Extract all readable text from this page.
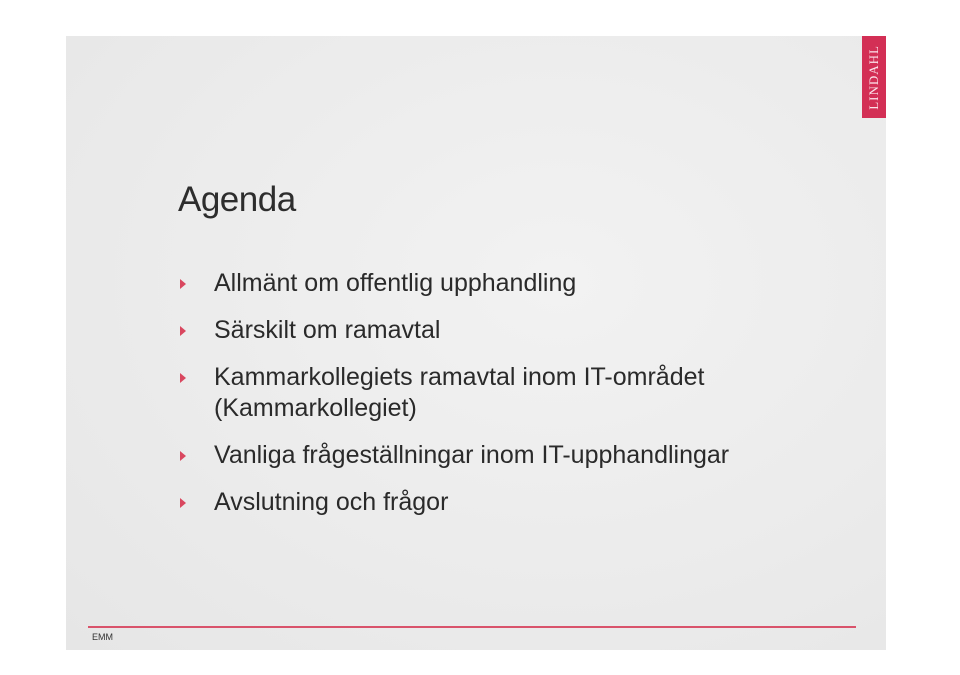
LINDAHL
Agenda
Allmänt om offentlig upphandling
Särskilt om ramavtal
Kammarkollegiets ramavtal inom IT-området (Kammarkollegiet)
Vanliga frågeställningar inom IT-upphandlingar
Avslutning och frågor
EMM
